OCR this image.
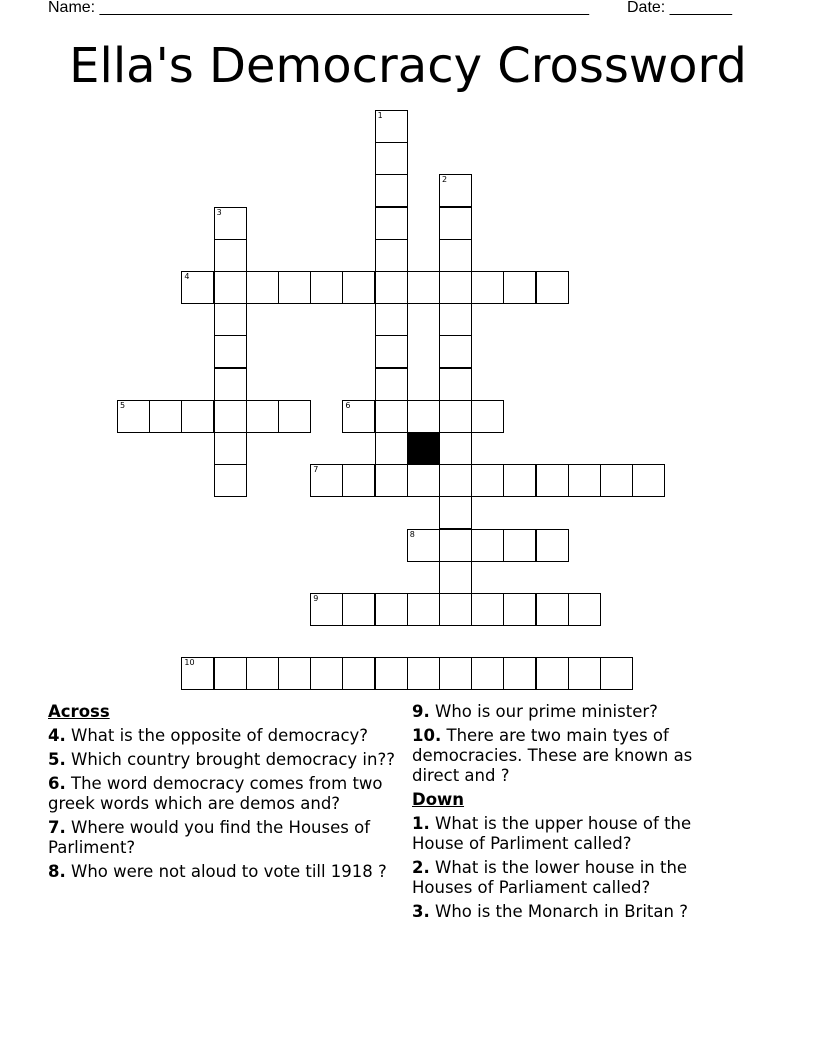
Name: _______________________________________________________ Date: _______
Ella's Democracy Crossword
1
2
3
4
5	6
7
8
9
10
Across
4. What is the opposite of democracy?
5. Which country brought democracy in??
6. The word democracy comes from two greek words which are demos and?
7. Where would you find the Houses of Parliment?
8. Who were not aloud to vote till 1918 ?
9. Who is our prime minister?
10. There are two main tyes of democracies. These are known as direct and ?
Down
1. What is the upper house of the House of Parliment called?
2. What is the lower house in the Houses of Parliament called?
3. Who is the Monarch in Britan ?
